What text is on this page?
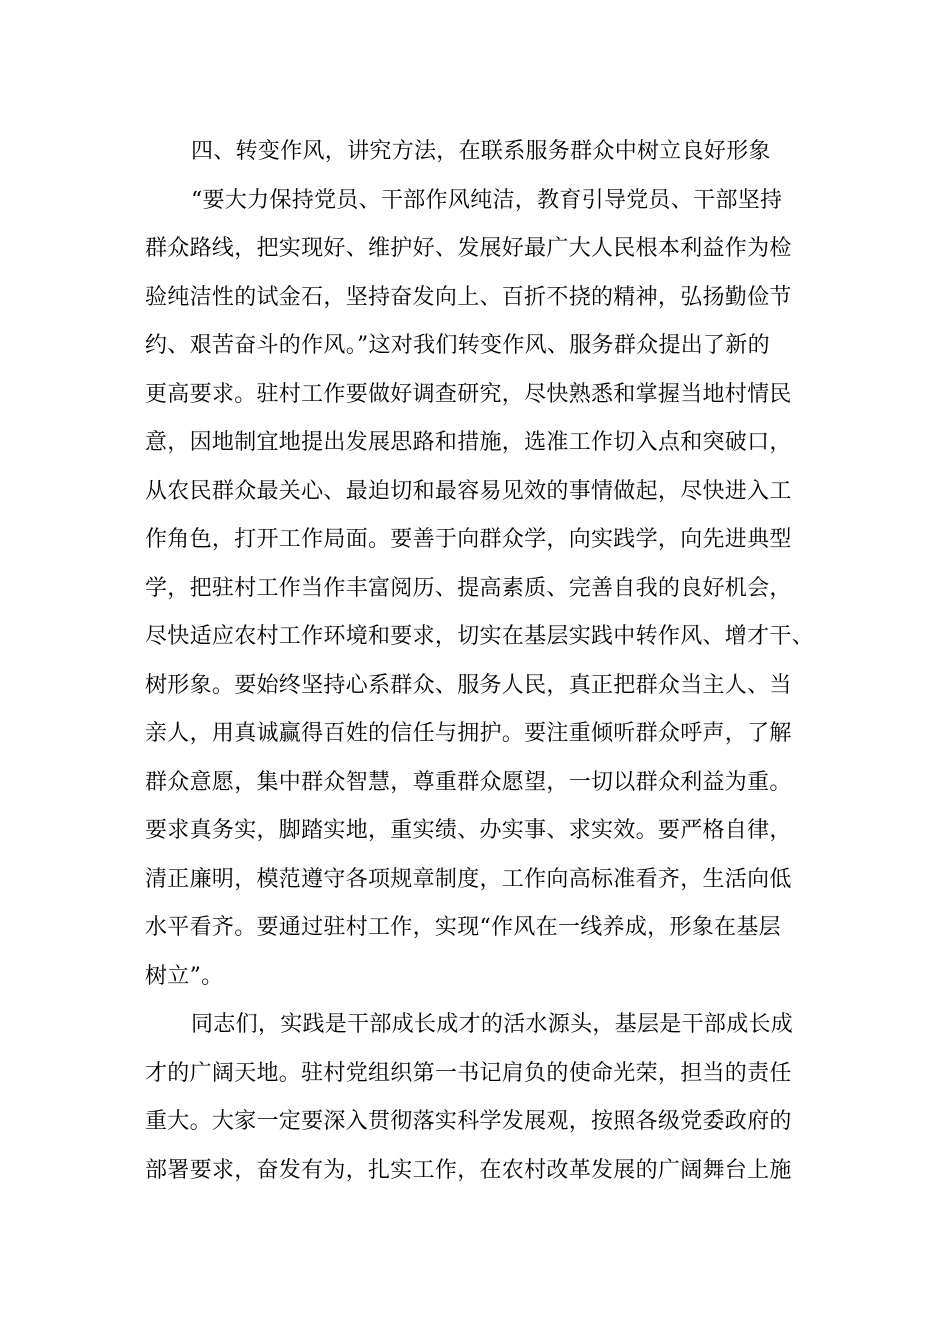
四、转变作风，讲究方法，在联系服务群众中树立良好形象
“要大力保持党员、干部作风纯洁，教育引导党员、干部坚持
群众路线，把实现好、维护好、发展好最广大人民根本利益作为检
验纯洁性的试金石，坚持奋发向上、百折不挠的精神，弘扬勤俭节
约、艰苦奋斗的作风。”这对我们转变作风、服务群众提出了新的
更高要求。驻村工作要做好调查研究，尽快熟悉和掌握当地村情民
意，因地制宜地提出发展思路和措施，选准工作切入点和突破口，
从农民群众最关心、最迫切和最容易见效的事情做起，尽快进入工
作角色，打开工作局面。要善于向群众学，向实践学，向先进典型
学，把驻村工作当作丰富阅历、提高素质、完善自我的良好机会，
尽快适应农村工作环境和要求，切实在基层实践中转作风、增才干、
树形象。要始终坚持心系群众、服务人民，真正把群众当主人、当
亲人，用真诚赢得百姓的信任与拥护。要注重倾听群众呼声，了解
群众意愿，集中群众智慧，尊重群众愿望，一切以群众利益为重。
要求真务实，脚踏实地，重实绩、办实事、求实效。要严格自律，
清正廉明，模范遵守各项规章制度，工作向高标准看齐，生活向低
水平看齐。要通过驻村工作，实现“作风在一线养成，形象在基层
树立”。
同志们，实践是干部成长成才的活水源头，基层是干部成长成
才的广阔天地。驻村党组织第一书记肩负的使命光荣，担当的责任
重大。大家一定要深入贯彻落实科学发展观，按照各级党委政府的
部署要求，奋发有为，扎实工作，在农村改革发展的广阔舞台上施
